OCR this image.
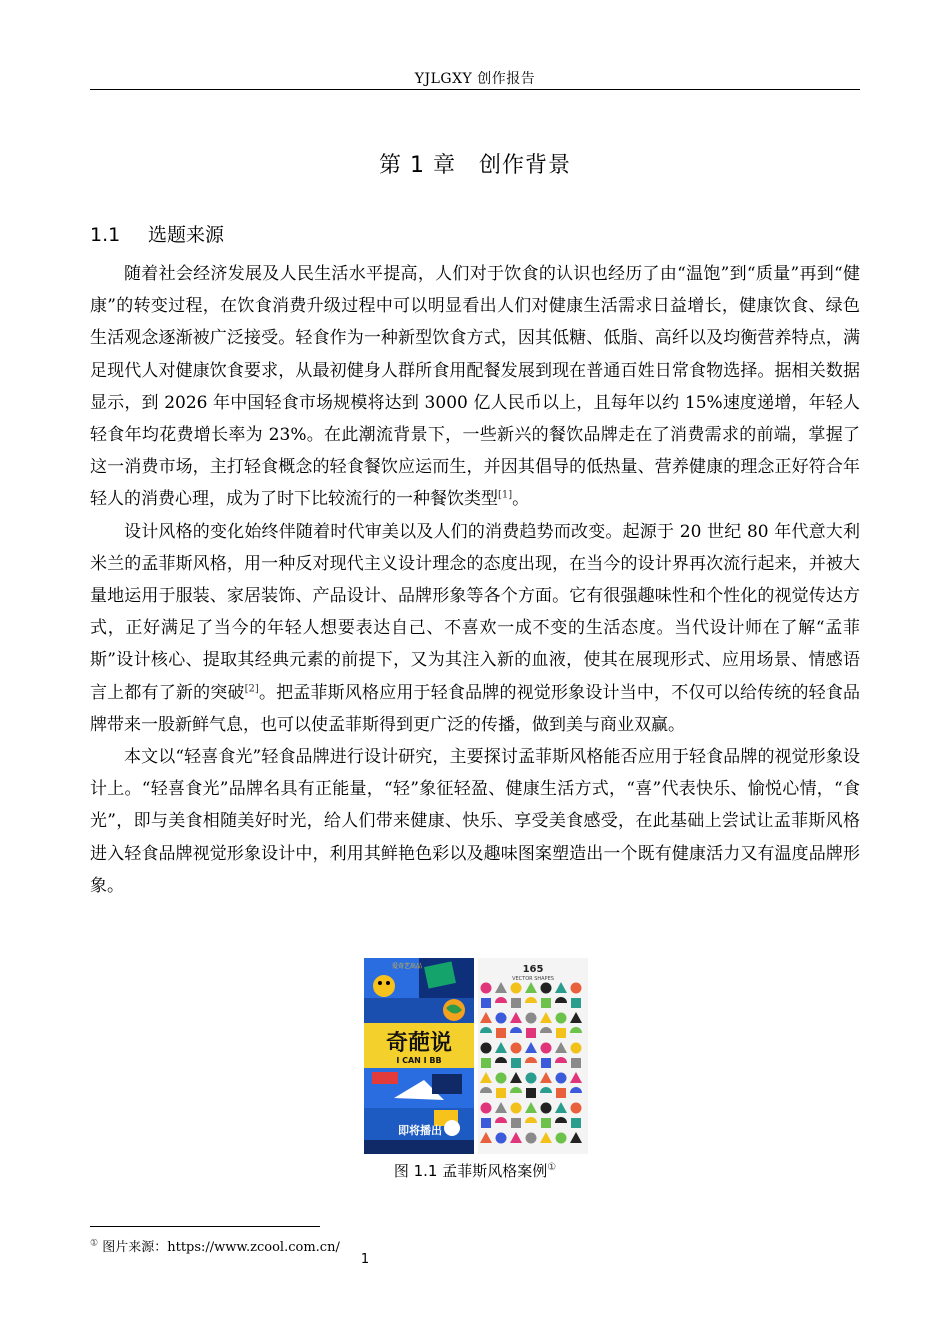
YJLGXY 创作报告
第 1 章　创作背景
1.1 选题来源

随着社会经济发展及人民生活水平提高，人们对于饮食的认识也经历了由“温饱”到“质量”再到“健康”的转变过程，在饮食消费升级过程中可以明显看出人们对健康生活需求日益增长，健康饮食、绿色生活观念逐渐被广泛接受。轻食作为一种新型饮食方式，因其低糖、低脂、高纤以及均衡营养特点，满足现代人对健康饮食要求，从最初健身人群所食用配餐发展到现在普通百姓日常食物选择。据相关数据显示，到 2026 年中国轻食市场规模将达到 3000 亿人民币以上，且每年以约 15%速度递增，年轻人轻食年均花费增长率为 23%。在此潮流背景下，一些新兴的餐饮品牌走在了消费需求的前端，掌握了这一消费市场，主打轻食概念的轻食餐饮应运而生，并因其倡导的低热量、营养健康的理念正好符合年轻人的消费心理，成为了时下比较流行的一种餐饮类型[1]。

设计风格的变化始终伴随着时代审美以及人们的消费趋势而改变。起源于 20 世纪 80 年代意大利米兰的孟菲斯风格，用一种反对现代主义设计理念的态度出现，在当今的设计界再次流行起来，并被大量地运用于服装、家居装饰、产品设计、品牌形象等各个方面。它有很强趣味性和个性化的视觉传达方式，正好满足了当今的年轻人想要表达自己、不喜欢一成不变的生活态度。当代设计师在了解“孟菲斯”设计核心、提取其经典元素的前提下，又为其注入新的血液，使其在展现形式、应用场景、情感语言上都有了新的突破[2]。把孟菲斯风格应用于轻食品牌的视觉形象设计当中，不仅可以给传统的轻食品牌带来一股新鲜气息，也可以使孟菲斯得到更广泛的传播，做到美与商业双赢。

本文以“轻喜食光”轻食品牌进行设计研究，主要探讨孟菲斯风格能否应用于轻食品牌的视觉形象设计上。“轻喜食光”品牌名具有正能量，“轻”象征轻盈、健康生活方式，“喜”代表快乐、愉悦心情，“食光”，即与美食相随美好时光，给人们带来健康、快乐、享受美食感受，在此基础上尝试让孟菲斯风格进入轻食品牌视觉形象设计中，利用其鲜艳色彩以及趣味图案塑造出一个既有健康活力又有温度品牌形象。

奇葩说
I CAN I BB
即将播出
爱奇艺出品	165
VECTOR SHAPES
图 1.1 孟菲斯风格案例①
① 图片来源：https://www.zcool.com.cn/
1
